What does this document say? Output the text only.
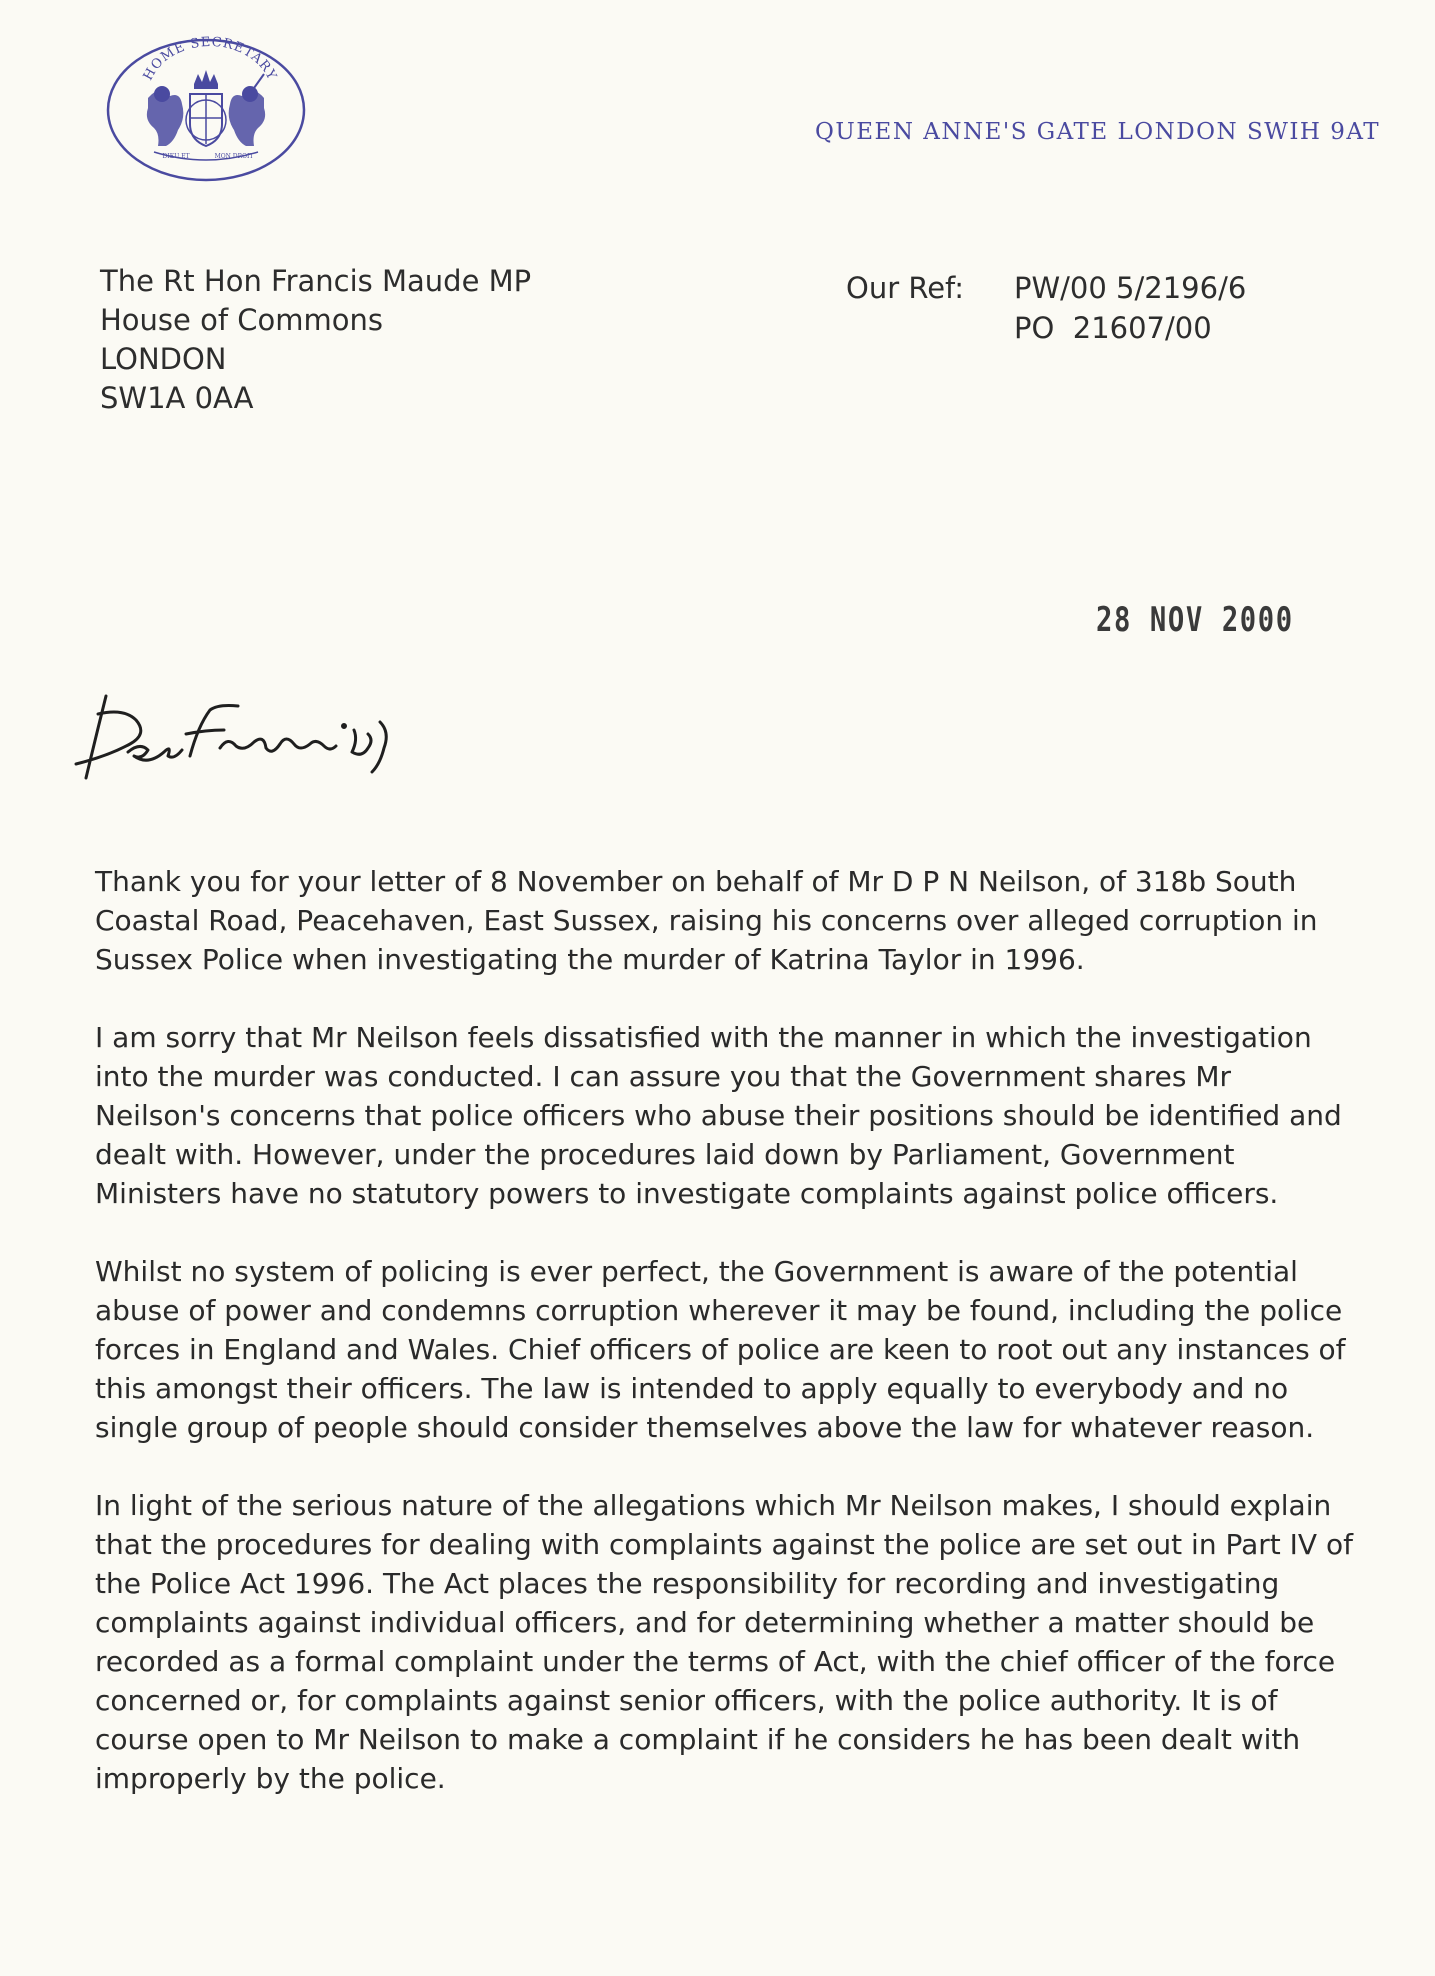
HOME SECRETARY
DIEU ET	MON DROIT
QUEEN ANNE'S GATE LONDON SWIH 9AT
The Rt Hon Francis Maude MP
House of Commons
LONDON
SW1A 0AA
Our Ref:	PW/00 5/2196/6
PO  21607/00
28 NOV 2000

Thank you for your letter of 8 November on behalf of Mr D P N Neilson, of 318b South Coastal Road, Peacehaven, East Sussex, raising his concerns over alleged corruption in Sussex Police when investigating the murder of Katrina Taylor in 1996.

I am sorry that Mr Neilson feels dissatisfied with the manner in which the investigation into the murder was conducted. I can assure you that the Government shares Mr Neilson's concerns that police officers who abuse their positions should be identified and dealt with. However, under the procedures laid down by Parliament, Government Ministers have no statutory powers to investigate complaints against police officers.

Whilst no system of policing is ever perfect, the Government is aware of the potential abuse of power and condemns corruption wherever it may be found, including the police forces in England and Wales. Chief officers of police are keen to root out any instances of this amongst their officers. The law is intended to apply equally to everybody and no single group of people should consider themselves above the law for whatever reason.

In light of the serious nature of the allegations which Mr Neilson makes, I should explain that the procedures for dealing with complaints against the police are set out in Part IV of the Police Act 1996. The Act places the responsibility for recording and investigating complaints against individual officers, and for determining whether a matter should be recorded as a formal complaint under the terms of Act, with the chief officer of the force concerned or, for complaints against senior officers, with the police authority. It is of course open to Mr Neilson to make a complaint if he considers he has been dealt with improperly by the police.
